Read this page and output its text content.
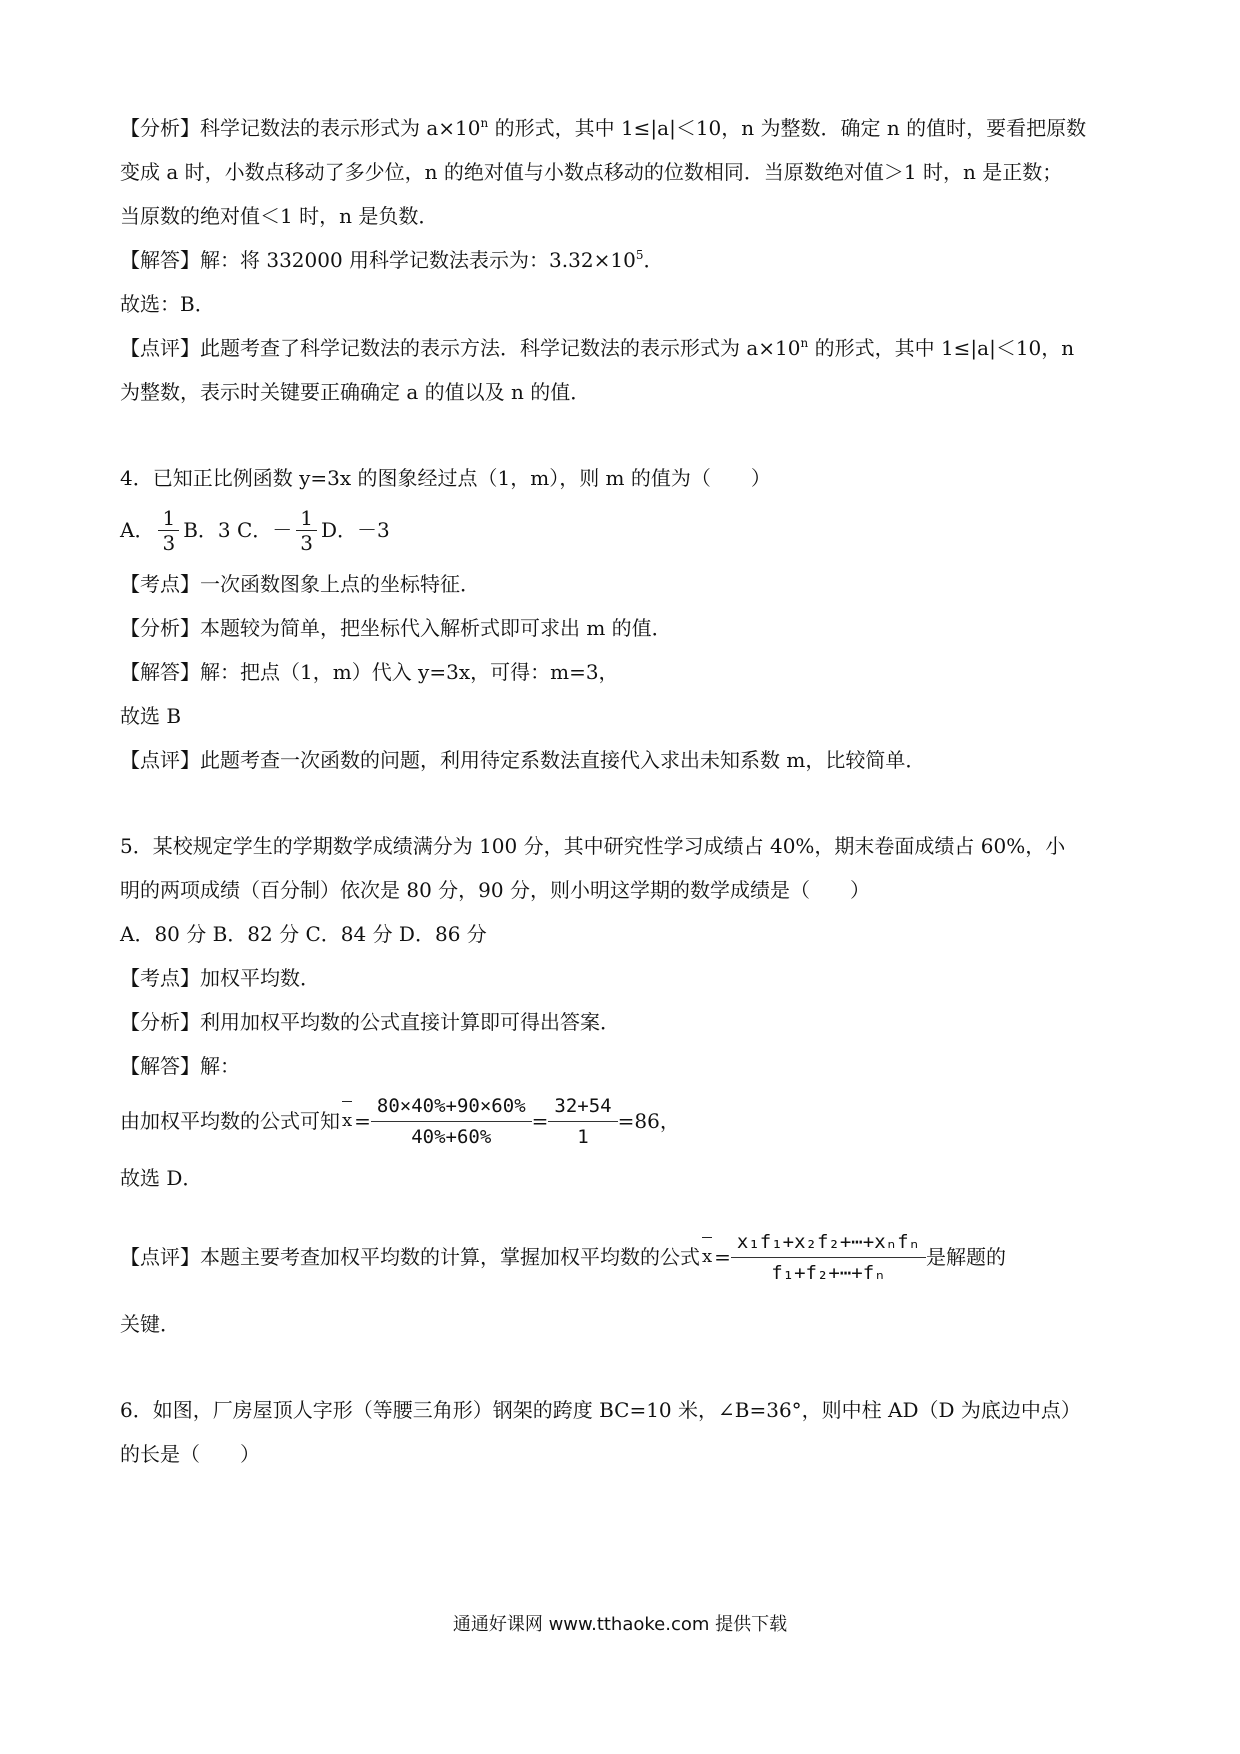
【分析】科学记数法的表示形式为 $a\times 10^n$ 的形式，其中 1≤|a|＜10，n 为整数．确定 n 的值时，要看把原数
变成 a 时，小数点移动了多少位，n 的绝对值与小数点移动的位数相同．当原数绝对值＞1 时，n 是正数；
当原数的绝对值＜1 时，n 是负数．
【解答】解：将 332000 用科学记数法表示为：$3.32\times 10^5$．
故选：B．
【点评】此题考查了科学记数法的表示方法．科学记数法的表示形式为 $a\times 10^n$ 的形式，其中 1≤|a|＜10，n
为整数，表示时关键要正确确定 a 的值以及 n 的值．
4．已知正比例函数 y=3x 的图象经过点（1，m），则 m 的值为（　　）
A． $\frac{1}{3}$ B．3 C．－ $\frac{1}{3}$ D．－3
【考点】一次函数图象上点的坐标特征．
【分析】本题较为简单，把坐标代入解析式即可求出 m 的值．
【解答】解：把点（1，m）代入 y=3x，可得：m=3，
故选 B
【点评】此题考查一次函数的问题，利用待定系数法直接代入求出未知系数 m，比较简单．
5．某校规定学生的学期数学成绩满分为 100 分，其中研究性学习成绩占 40%，期末卷面成绩占 60%，小
明的两项成绩（百分制）依次是 80 分，90 分，则小明这学期的数学成绩是（　　）
A．80 分 B．82 分 C．84 分 D．86 分
【考点】加权平均数．
【分析】利用加权平均数的公式直接计算即可得出答案．
【解答】解：
由加权平均数的公式可知 $x = \frac{80\times 40\%+90\times 60\%}{40\%+60\%} = \frac{32+54}{1} =86$，
故选 D．
【点评】本题主要考查加权平均数的计算，掌握加权平均数的公式 $x = \frac{\text{x₁f₁+x₂f₂+⋯+xₙfₙ}}{\text{f₁+f₂+⋯+fₙ}}$ 是解题的
关键．
6．如图，厂房屋顶人字形（等腰三角形）钢架的跨度 BC=10 米，∠B=36°，则中柱 AD（D 为底边中点）
的长是（　　）
通通好课网 www.tthaoke.com 提供下载
